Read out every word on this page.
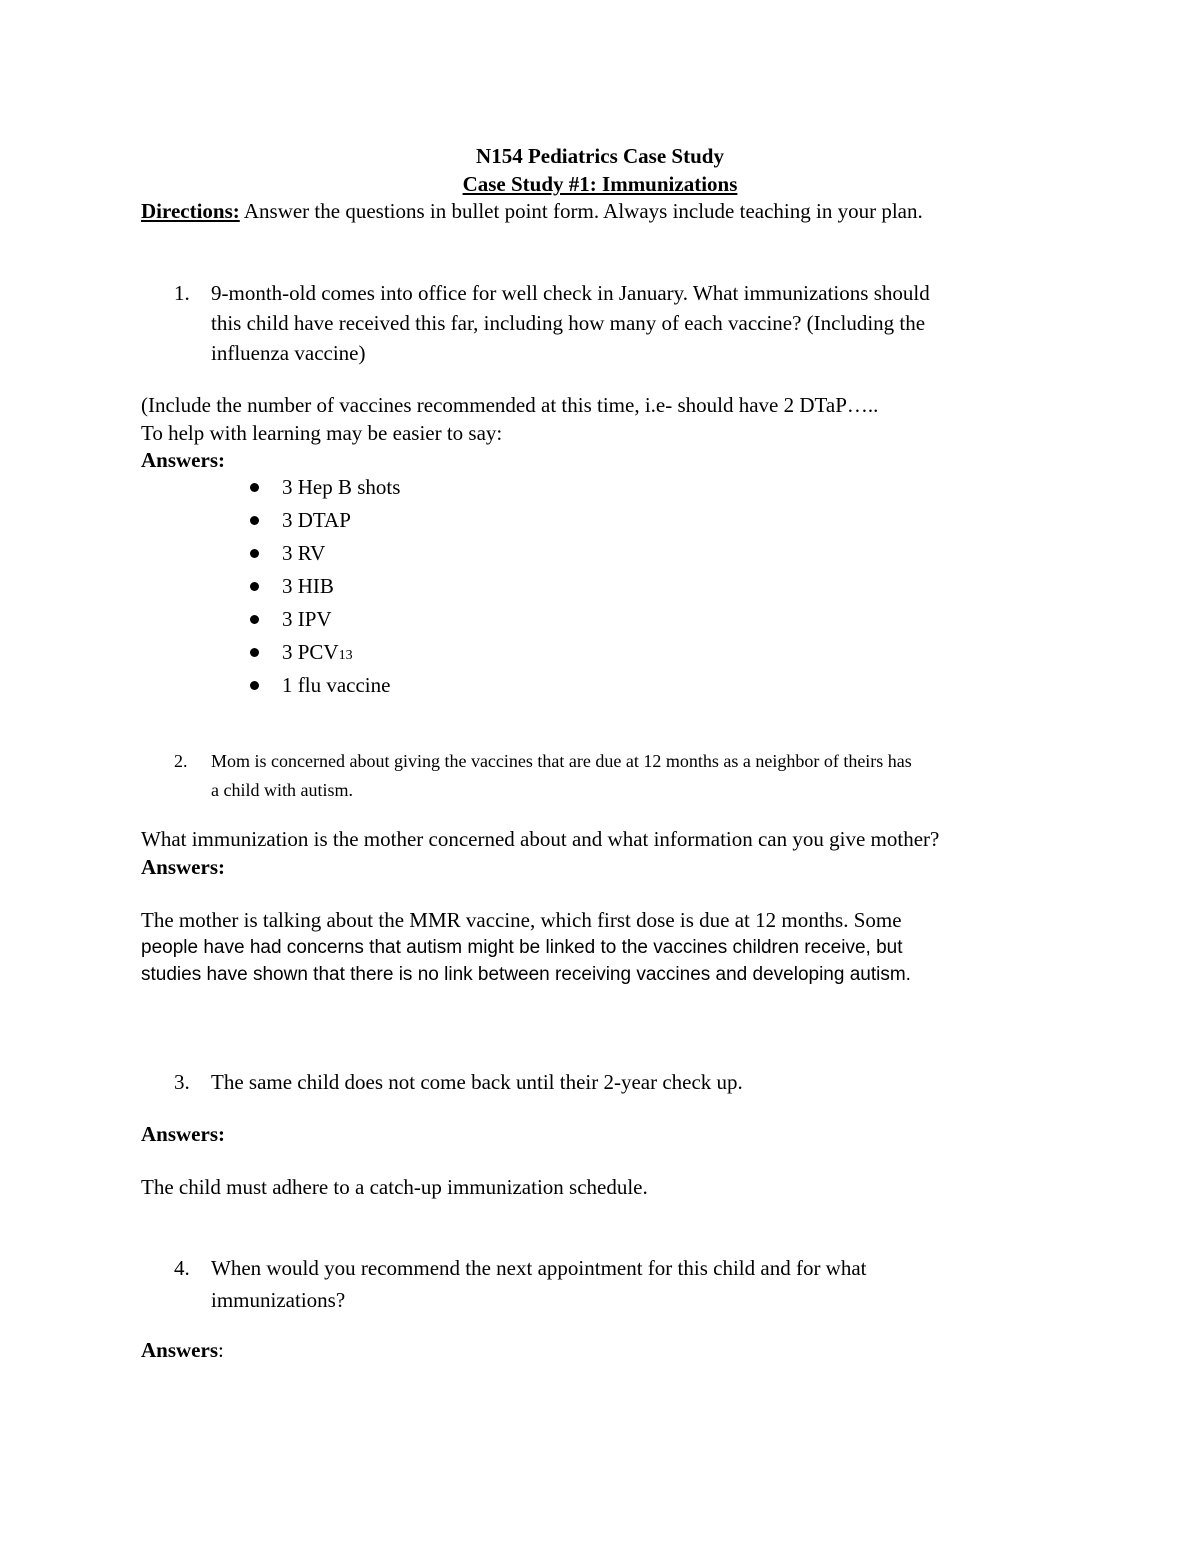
N154 Pediatrics Case Study
Case Study #1: Immunizations
Directions: Answer the questions in bullet point form. Always include teaching in your plan.
1. 9-month-old comes into office for well check in January. What immunizations should
this child have received this far, including how many of each vaccine? (Including the
influenza vaccine)
(Include the number of vaccines recommended at this time, i.e- should have 2 DTaP…..
To help with learning may be easier to say:
Answers:
3 Hep B shots
3 DTAP
3 RV
3 HIB
3 IPV
3 PCV13
1 flu vaccine
2. Mom is concerned about giving the vaccines that are due at 12 months as a neighbor of theirs has
a child with autism.
What immunization is the mother concerned about and what information can you give mother?
Answers:
The mother is talking about the MMR vaccine, which first dose is due at 12 months. Some
people have had concerns that autism might be linked to the vaccines children receive, but
studies have shown that there is no link between receiving vaccines and developing autism.
3. The same child does not come back until their 2-year check up.
Answers:
The child must adhere to a catch-up immunization schedule.
4. When would you recommend the next appointment for this child and for what
immunizations?
Answers:
